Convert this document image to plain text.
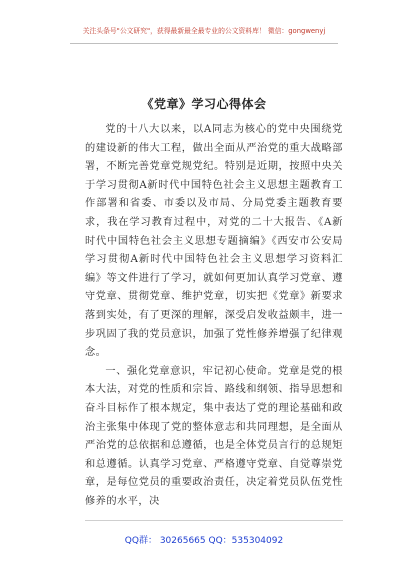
关注头条号"公文研究"，获得最新最全最专业的公文资料库！ 微信：gongwenyj
《党章》学习心得体会

党的十八大以来，以A同志为核心的党中央围绕党的建设新的伟大工程，做出全面从严治党的重大战略部署，不断完善党章党规党纪。特别是近期，按照中央关于学习贯彻A新时代中国特色社会主义思想主题教育工作部署和省委、市委以及市局、分局党委主题教育要求，我在学习教育过程中，对党的二十大报告、《A新时代中国特色社会主义思想专题摘编》《西安市公安局学习贯彻A新时代中国特色社会主义思想学习资料汇编》等文件进行了学习，就如何更加认真学习党章、遵守党章、贯彻党章、维护党章，切实把《党章》新要求落到实处，有了更深的理解，深受启发收益颇丰，进一步巩固了我的党员意识，加强了党性修养增强了纪律观念。

一、强化党章意识，牢记初心使命。党章是党的根本大法，对党的性质和宗旨、路线和纲领、指导思想和奋斗目标作了根本规定，集中表达了党的理论基础和政治主张集中体现了党的整体意志和共同理想，是全面从严治党的总依据和总遵循，也是全体党员言行的总规矩和总遵循。认真学习党章、严格遵守党章、自觉尊崇党章，是每位党员的重要政治责任，决定着党员队伍党性修养的水平，决

QQ群： 30265665 QQ：535304092
